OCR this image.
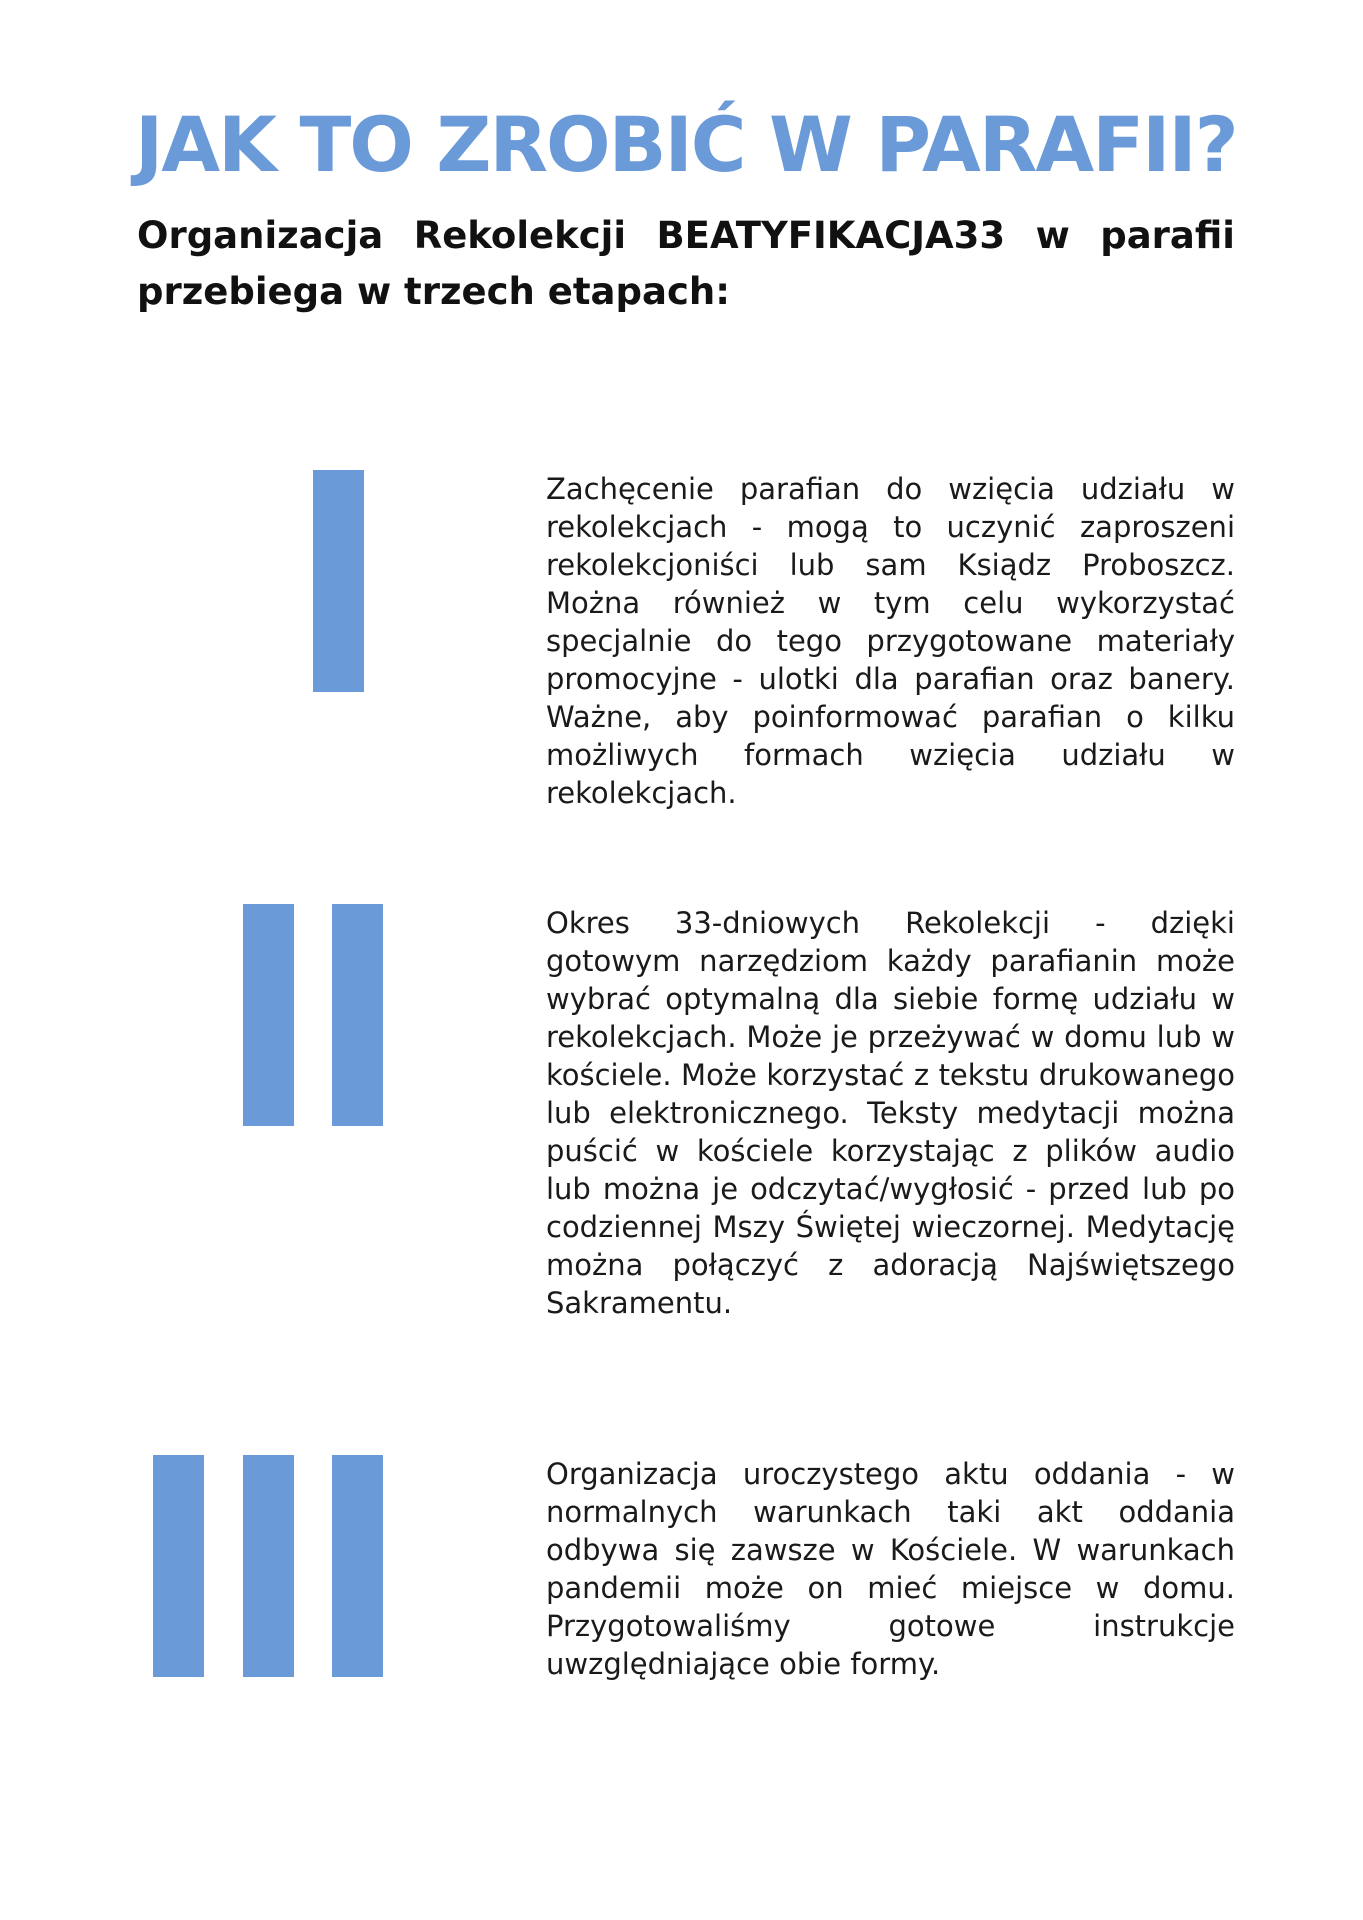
JAK TO ZROBIĆ W PARAFII?

Organizacja Rekolekcji BEATYFIKACJA33 w parafii przebiega w trzech etapach:

Zachęcenie parafian do wzięcia udziału w rekolekcjach - mogą to uczynić zaproszeni rekolekcjoniści lub sam Ksiądz Proboszcz. Można również w tym celu wykorzystać specjalnie do tego przygotowane materiały promocyjne - ulotki dla parafian oraz banery. Ważne, aby poinformować parafian o kilku możliwych formach wzięcia udziału w rekolekcjach.

Okres 33-dniowych Rekolekcji - dzięki gotowym narzędziom każdy parafianin może wybrać optymalną dla siebie formę udziału w rekolekcjach. Może je przeżywać w domu lub w kościele. Może korzystać z tekstu drukowanego lub elektronicznego. Teksty medytacji można puścić w kościele korzystając z plików audio lub można je odczytać/wygłosić - przed lub po codziennej Mszy Świętej wieczornej. Medytację można połączyć z adoracją Najświętszego Sakramentu.

Organizacja uroczystego aktu oddania - w normalnych warunkach taki akt oddania odbywa się zawsze w Kościele. W warunkach pandemii może on mieć miejsce w domu. Przygotowaliśmy gotowe instrukcje uwzględniające obie formy.
